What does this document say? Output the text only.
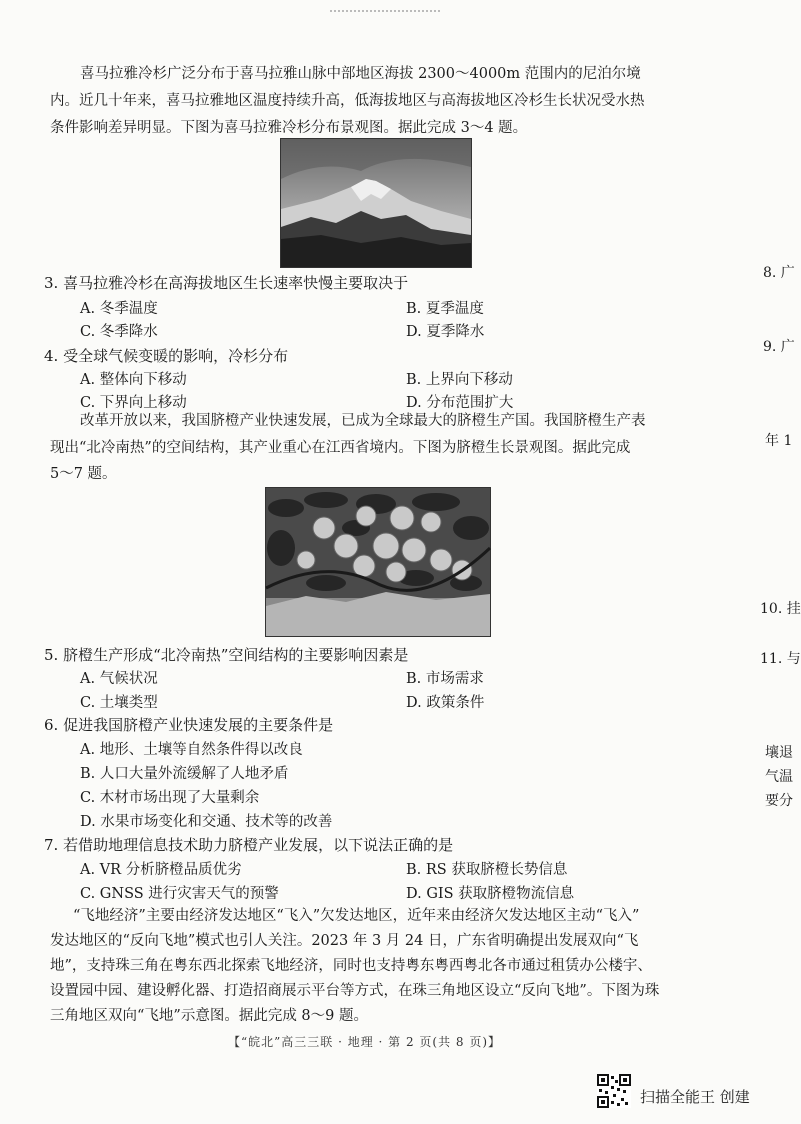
喜马拉雅冷杉广泛分布于喜马拉雅山脉中部地区海拔 2300～4000m 范围内的尼泊尔境
内。近几十年来，喜马拉雅地区温度持续升高，低海拔地区与高海拔地区冷杉生长状况受水热
条件影响差异明显。下图为喜马拉雅冷杉分布景观图。据此完成 3～4 题。
3. 喜马拉雅冷杉在高海拔地区生长速率快慢主要取决于
A. 冬季温度	B. 夏季温度
C. 冬季降水	D. 夏季降水
4. 受全球气候变暖的影响，冷杉分布
A. 整体向下移动	B. 上界向下移动
C. 下界向上移动	D. 分布范围扩大
改革开放以来，我国脐橙产业快速发展，已成为全球最大的脐橙生产国。我国脐橙生产表
现出“北冷南热”的空间结构，其产业重心在江西省境内。下图为脐橙生长景观图。据此完成
5～7 题。
5. 脐橙生产形成“北冷南热”空间结构的主要影响因素是
A. 气候状况	B. 市场需求
C. 土壤类型	D. 政策条件
6. 促进我国脐橙产业快速发展的主要条件是
A. 地形、土壤等自然条件得以改良
B. 人口大量外流缓解了人地矛盾
C. 木材市场出现了大量剩余
D. 水果市场变化和交通、技术等的改善
7. 若借助地理信息技术助力脐橙产业发展，以下说法正确的是
A. VR 分析脐橙品质优劣	B. RS 获取脐橙长势信息
C. GNSS 进行灾害天气的预警	D. GIS 获取脐橙物流信息
“飞地经济”主要由经济发达地区“飞入”欠发达地区，近年来由经济欠发达地区主动“飞入”
发达地区的“反向飞地”模式也引人关注。2023 年 3 月 24 日，广东省明确提出发展双向“飞
地”，支持珠三角在粤东西北探索飞地经济，同时也支持粤东粤西粤北各市通过租赁办公楼宇、
设置园中园、建设孵化器、打造招商展示平台等方式，在珠三角地区设立“反向飞地”。下图为珠
三角地区双向“飞地”示意图。据此完成 8～9 题。
8. 广
9. 广
年 1
10. 挂
11. 与
壤退
气温
要分
【“皖北”高三三联 · 地理 · 第 2 页(共 8 页)】
扫描全能王 创建
